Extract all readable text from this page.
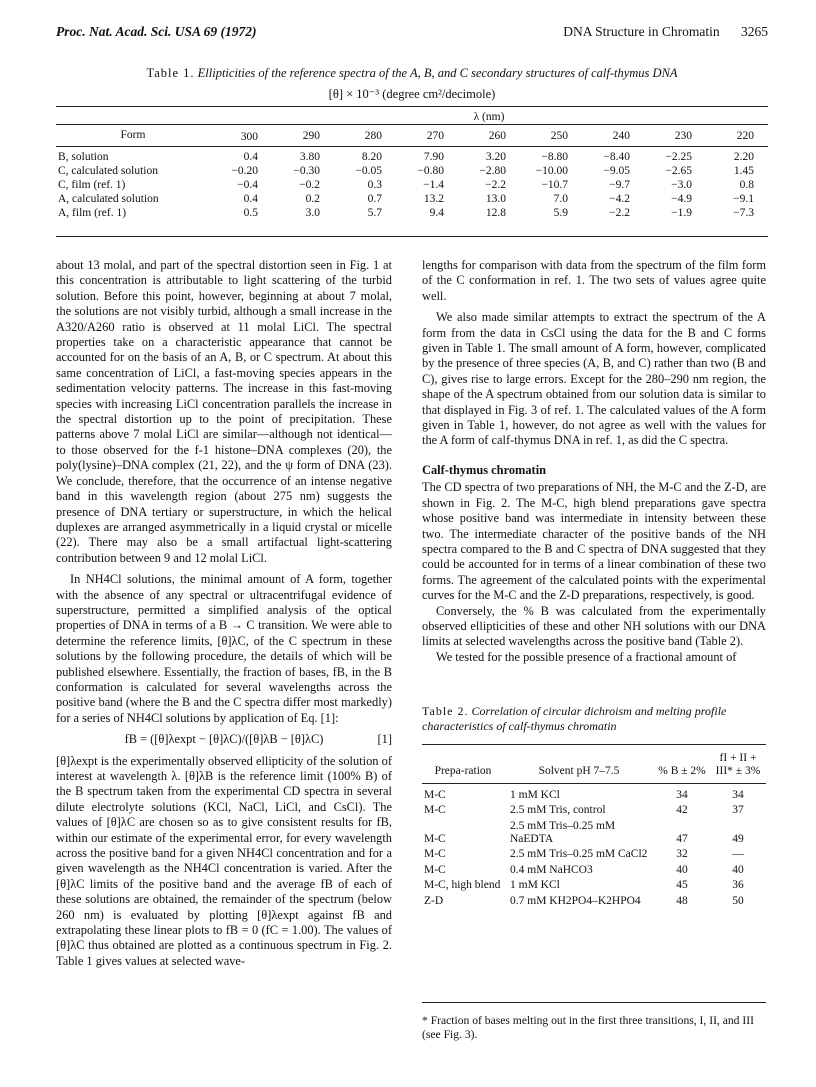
Proc. Nat. Acad. Sci. USA 69 (1972)	DNA Structure in Chromatin 3265
Table 1. Ellipticities of the reference spectra of the A, B, and C secondary structures of calf-thymus DNA
[θ] × 10⁻³ (degree cm²/decimole)
	λ (nm)								
Form	300	290	280	270	260	250	240	230	220
B, solution	0.4	3.80	8.20	7.90	3.20	−8.80	−8.40	−2.25	2.20
C, calculated solution	−0.20	−0.30	−0.05	−0.80	−2.80	−10.00	−9.05	−2.65	1.45
C, film (ref. 1)	−0.4	−0.2	0.3	−1.4	−2.2	−10.7	−9.7	−3.0	0.8
A, calculated solution	0.4	0.2	0.7	13.2	13.0	7.0	−4.2	−4.9	−9.1
A, film (ref. 1)	0.5	3.0	5.7	9.4	12.8	5.9	−2.2	−1.9	−7.3

about 13 molal, and part of the spectral distortion seen in Fig. 1 at this concentration is attributable to light scattering of the turbid solution. Before this point, however, beginning at about 7 molal, the solutions are not visibly turbid, although a small increase in the A320/A260 ratio is observed at 11 molal LiCl. The spectral properties take on a characteristic appearance that cannot be accounted for on the basis of an A, B, or C spectrum. At about this same concentration of LiCl, a fast-moving species appears in the sedimentation velocity patterns. The increase in this fast-moving species with increasing LiCl concentration parallels the increase in the spectral distortion up to the point of precipitation. These patterns above 7 molal LiCl are similar—although not identical—to those observed for the f-1 histone–DNA complexes (20), the poly(lysine)–DNA complex (21, 22), and the ψ form of DNA (23). We conclude, therefore, that the occurrence of an intense negative band in this wavelength region (about 275 nm) suggests the presence of DNA tertiary or superstructure, in which the helical duplexes are arranged asymmetrically in a liquid crystal or micelle (22). There may also be a small artifactual light-scattering contribution between 9 and 12 molal LiCl.

In NH4Cl solutions, the minimal amount of A form, together with the absence of any spectral or ultracentrifugal evidence of superstructure, permitted a simplified analysis of the optical properties of DNA in terms of a B → C transition. We were able to determine the reference limits, [θ]λC, of the C spectrum in these solutions by the following procedure, the details of which will be published elsewhere. Essentially, the fraction of bases, fB, in the B conformation is calculated for several wavelengths across the positive band (where the B and the C spectra differ most markedly) for a series of NH4Cl solutions by application of Eq. [1]:

fB = ([θ]λexpt − [θ]λC)/([θ]λB − [θ]λC)	[1]

[θ]λexpt is the experimentally observed ellipticity of the solution of interest at wavelength λ. [θ]λB is the reference limit (100% B) of the B spectrum taken from the experimental CD spectra in several dilute electrolyte solutions (KCl, NaCl, LiCl, and CsCl). The values of [θ]λC are chosen so as to give consistent results for fB, within our estimate of the experimental error, for every wavelength across the positive band for a given NH4Cl concentration and for a given wavelength as the NH4Cl concentration is varied. After the [θ]λC limits of the positive band and the average fB of each of these solutions are obtained, the remainder of the spectrum (below 260 nm) is evaluated by plotting [θ]λexpt against fB and extrapolating these linear plots to fB = 0 (fC = 1.00). The values of [θ]λC thus obtained are plotted as a continuous spectrum in Fig. 2. Table 1 gives values at selected wave-

lengths for comparison with data from the spectrum of the film form of the C conformation in ref. 1. The two sets of values agree quite well.

We also made similar attempts to extract the spectrum of the A form from the data in CsCl using the data for the B and C forms given in Table 1. The small amount of A form, however, complicated by the presence of three species (A, B, and C) rather than two (B and C), gives rise to large errors. Except for the 280–290 nm region, the shape of the A spectrum obtained from our solution data is similar to that displayed in Fig. 3 of ref. 1. The calculated values of the A form given in Table 1, however, do not agree as well with the values for the A form of calf-thymus DNA in ref. 1, as did the C spectra.

Calf-thymus chromatin

The CD spectra of two preparations of NH, the M-C and the Z-D, are shown in Fig. 2. The M-C, high blend preparations gave spectra whose positive band was intermediate in intensity between these two. The intermediate character of the positive bands of the NH spectra compared to the B and C spectra of DNA suggested that they could be accounted for in terms of a linear combination of these two forms. The agreement of the calculated points with the experimental curves for the M-C and the Z-D preparations, respectively, is good.

Conversely, the % B was calculated from the experimentally observed ellipticities of these and other NH solutions with our DNA limits at selected wavelengths across the positive band (Table 2).

We tested for the possible presence of a fractional amount of

Table 2. Correlation of circular dichroism and melting profile characteristics of calf-thymus chromatin
Prepa-ration	Solvent pH 7–7.5	% B ± 2%	fI + II + III* ± 3%
M-C	1 mM KCl	34	34
M-C	2.5 mM Tris, control	42	37
M-C	2.5 mM Tris–0.25 mM NaEDTA	47	49
M-C	2.5 mM Tris–0.25 mM CaCl2	32	—
M-C	0.4 mM NaHCO3	40	40
M-C, high blend	1 mM KCl	45	36
Z-D	0.7 mM KH2PO4–K2HPO4	48	50
* Fraction of bases melting out in the first three transitions, I, II, and III (see Fig. 3).
